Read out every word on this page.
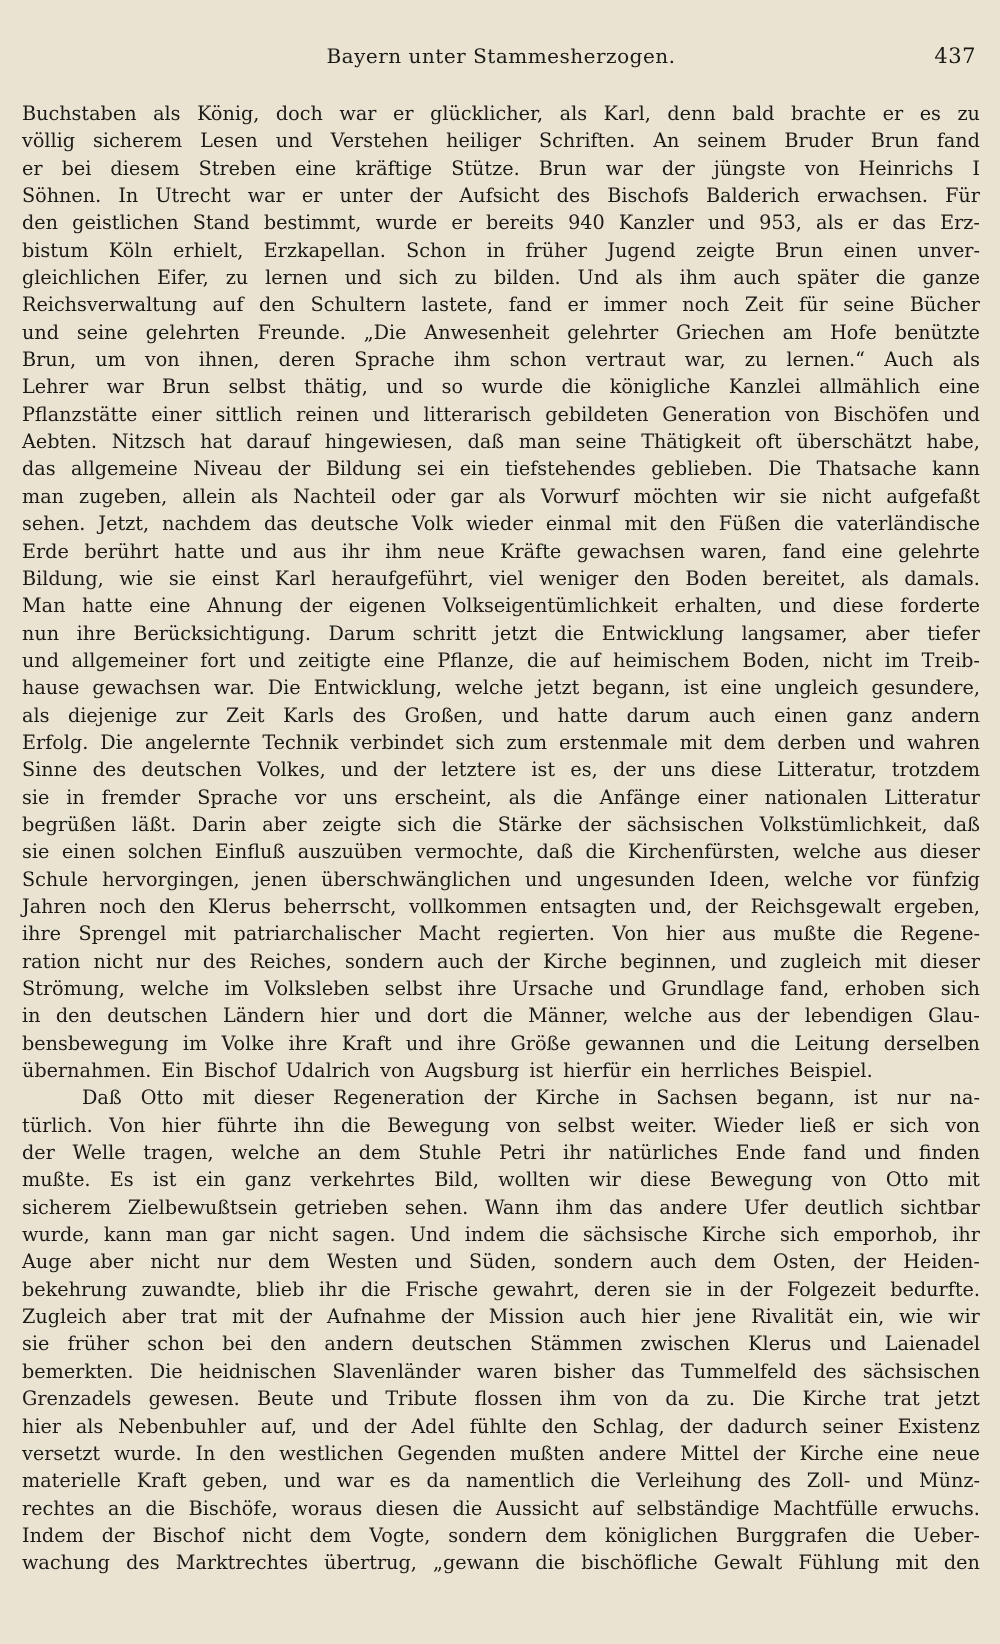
Bayern unter Stammesherzogen.	437
Buchstaben als König, doch war er glücklicher, als Karl, denn bald brachte er es zu
völlig sicherem Lesen und Verstehen heiliger Schriften. An seinem Bruder Brun fand
er bei diesem Streben eine kräftige Stütze. Brun war der jüngste von Heinrichs I
Söhnen. In Utrecht war er unter der Aufsicht des Bischofs Balderich erwachsen. Für
den geistlichen Stand bestimmt, wurde er bereits 940 Kanzler und 953, als er das Erz-
bistum Köln erhielt, Erzkapellan. Schon in früher Jugend zeigte Brun einen unver-
gleichlichen Eifer, zu lernen und sich zu bilden. Und als ihm auch später die ganze
Reichsverwaltung auf den Schultern lastete, fand er immer noch Zeit für seine Bücher
und seine gelehrten Freunde. „Die Anwesenheit gelehrter Griechen am Hofe benützte
Brun, um von ihnen, deren Sprache ihm schon vertraut war, zu lernen.“ Auch als
Lehrer war Brun selbst thätig, und so wurde die königliche Kanzlei allmählich eine
Pflanzstätte einer sittlich reinen und litterarisch gebildeten Generation von Bischöfen und
Aebten. Nitzsch hat darauf hingewiesen, daß man seine Thätigkeit oft überschätzt habe,
das allgemeine Niveau der Bildung sei ein tiefstehendes geblieben. Die Thatsache kann
man zugeben, allein als Nachteil oder gar als Vorwurf möchten wir sie nicht aufgefaßt
sehen. Jetzt, nachdem das deutsche Volk wieder einmal mit den Füßen die vaterländische
Erde berührt hatte und aus ihr ihm neue Kräfte gewachsen waren, fand eine gelehrte
Bildung, wie sie einst Karl heraufgeführt, viel weniger den Boden bereitet, als damals.
Man hatte eine Ahnung der eigenen Volkseigentümlichkeit erhalten, und diese forderte
nun ihre Berücksichtigung. Darum schritt jetzt die Entwicklung langsamer, aber tiefer
und allgemeiner fort und zeitigte eine Pflanze, die auf heimischem Boden, nicht im Treib-
hause gewachsen war. Die Entwicklung, welche jetzt begann, ist eine ungleich gesundere,
als diejenige zur Zeit Karls des Großen, und hatte darum auch einen ganz andern
Erfolg. Die angelernte Technik verbindet sich zum erstenmale mit dem derben und wahren
Sinne des deutschen Volkes, und der letztere ist es, der uns diese Litteratur, trotzdem
sie in fremder Sprache vor uns erscheint, als die Anfänge einer nationalen Litteratur
begrüßen läßt. Darin aber zeigte sich die Stärke der sächsischen Volkstümlichkeit, daß
sie einen solchen Einfluß auszuüben vermochte, daß die Kirchenfürsten, welche aus dieser
Schule hervorgingen, jenen überschwänglichen und ungesunden Ideen, welche vor fünfzig
Jahren noch den Klerus beherrscht, vollkommen entsagten und, der Reichsgewalt ergeben,
ihre Sprengel mit patriarchalischer Macht regierten. Von hier aus mußte die Regene-
ration nicht nur des Reiches, sondern auch der Kirche beginnen, und zugleich mit dieser
Strömung, welche im Volksleben selbst ihre Ursache und Grundlage fand, erhoben sich
in den deutschen Ländern hier und dort die Männer, welche aus der lebendigen Glau-
bensbewegung im Volke ihre Kraft und ihre Größe gewannen und die Leitung derselben
übernahmen. Ein Bischof Udalrich von Augsburg ist hierfür ein herrliches Beispiel.
Daß Otto mit dieser Regeneration der Kirche in Sachsen begann, ist nur na-
türlich. Von hier führte ihn die Bewegung von selbst weiter. Wieder ließ er sich von
der Welle tragen, welche an dem Stuhle Petri ihr natürliches Ende fand und finden
mußte. Es ist ein ganz verkehrtes Bild, wollten wir diese Bewegung von Otto mit
sicherem Zielbewußtsein getrieben sehen. Wann ihm das andere Ufer deutlich sichtbar
wurde, kann man gar nicht sagen. Und indem die sächsische Kirche sich emporhob, ihr
Auge aber nicht nur dem Westen und Süden, sondern auch dem Osten, der Heiden-
bekehrung zuwandte, blieb ihr die Frische gewahrt, deren sie in der Folgezeit bedurfte.
Zugleich aber trat mit der Aufnahme der Mission auch hier jene Rivalität ein, wie wir
sie früher schon bei den andern deutschen Stämmen zwischen Klerus und Laienadel
bemerkten. Die heidnischen Slavenländer waren bisher das Tummelfeld des sächsischen
Grenzadels gewesen. Beute und Tribute flossen ihm von da zu. Die Kirche trat jetzt
hier als Nebenbuhler auf, und der Adel fühlte den Schlag, der dadurch seiner Existenz
versetzt wurde. In den westlichen Gegenden mußten andere Mittel der Kirche eine neue
materielle Kraft geben, und war es da namentlich die Verleihung des Zoll- und Münz-
rechtes an die Bischöfe, woraus diesen die Aussicht auf selbständige Machtfülle erwuchs.
Indem der Bischof nicht dem Vogte, sondern dem königlichen Burggrafen die Ueber-
wachung des Marktrechtes übertrug, „gewann die bischöfliche Gewalt Fühlung mit den
